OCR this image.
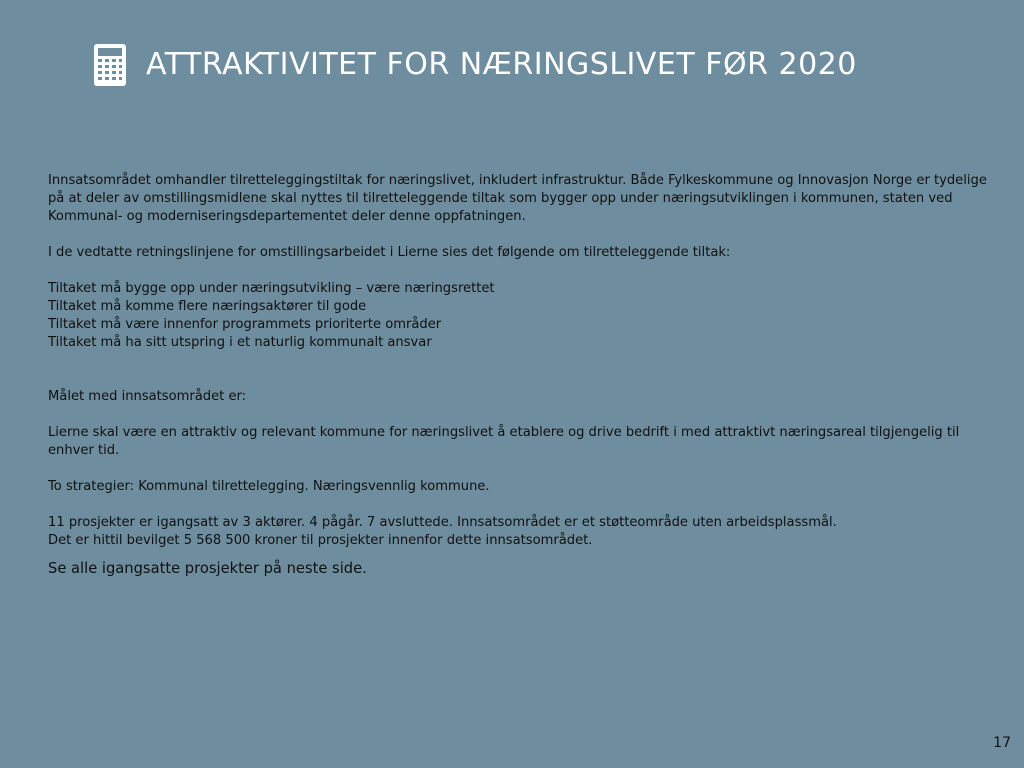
ATTRAKTIVITET FOR NÆRINGSLIVET FØR 2020

Innsatsområdet omhandler tilretteleggingstiltak for næringslivet, inkludert infrastruktur. Både Fylkeskommune og Innovasjon Norge er tydelige på at deler av omstillingsmidlene skal nyttes til tilretteleggende tiltak som bygger opp under næringsutviklingen i kommunen, staten ved Kommunal- og moderniseringsdepartementet deler denne oppfatningen.

I de vedtatte retningslinjene for omstillingsarbeidet i Lierne sies det følgende om tilretteleggende tiltak:

Tiltaket må bygge opp under næringsutvikling – være næringsrettet

Tiltaket må komme flere næringsaktører til gode

Tiltaket må være innenfor programmets prioriterte områder

Tiltaket må ha sitt utspring i et naturlig kommunalt ansvar

Målet med innsatsområdet er:

Lierne skal være en attraktiv og relevant kommune for næringslivet å etablere og drive bedrift i med attraktivt næringsareal tilgjengelig til enhver tid.

To strategier: Kommunal tilrettelegging. Næringsvennlig kommune.

11 prosjekter er igangsatt av 3 aktører. 4 pågår. 7 avsluttede. Innsatsområdet er et støtteområde uten arbeidsplassmål.

Det er hittil bevilget 5 568 500 kroner til prosjekter innenfor dette innsatsområdet.

Se alle igangsatte prosjekter på neste side.

17
